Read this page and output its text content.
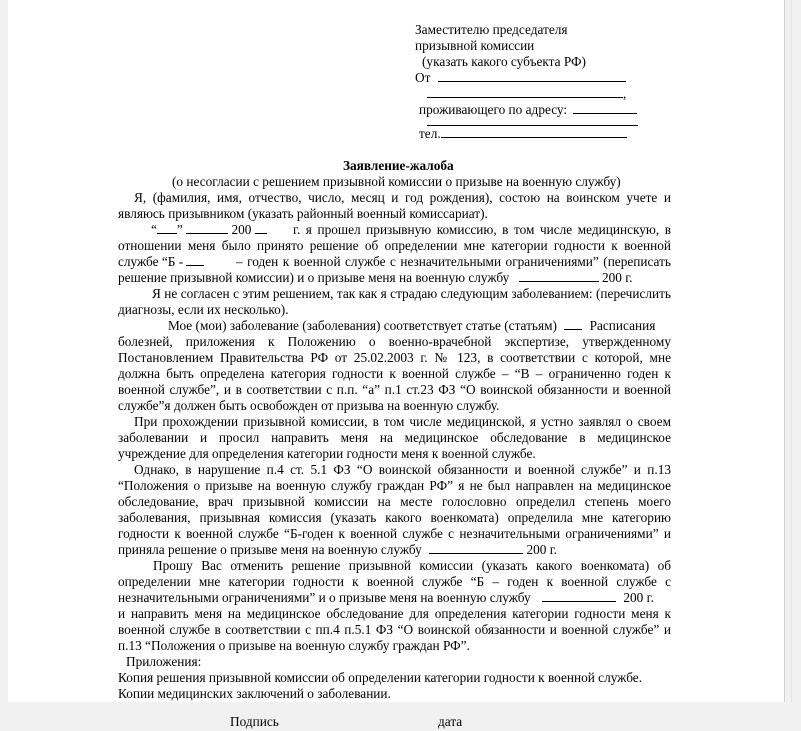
Заместителю председателя
призывной комиссии
(указать какого субъекта РФ)
От
,
проживающего по адресу:
тел.
Заявление-жалоба
(о несогласии с решением призывной комиссии о призыве на военную службу)
Я, (фамилия, имя, отчество, число, месяц и год рождения), состою на воинском учете и
являюсь призывником (указать районный военный комиссариат).
“ ”	200	г. я прошел призывную комиссию, в том числе медицинскую, в
отношении меня было принято решение об определении мне категории годности к военной
службе “Б -	– годен к военной службе с незначительными ограничениями” (переписать
решение призывной комиссии) и о призыве меня на военную службу	200 г.
Я не согласен с этим решением, так как я страдаю следующим заболеванием: (перечислить
диагнозы, если их несколько).
Мое (мои) заболевание (заболевания) соответствует статье (статьям) Расписания
болезней, приложения к Положению о военно-врачебной экспертизе, утвержденному
Постановлением Правительства РФ от 25.02.2003 г. № 123, в соответствии с которой, мне
должна быть определена категория годности к военной службе – “В – ограниченно годен к
военной службе”, и в соответствии с п.п. “а” п.1 ст.23 ФЗ “О воинской обязанности и военной
службе”я должен быть освобожден от призыва на военную службу.
При прохождении призывной комиссии, в том числе медицинской, я устно заявлял о своем
заболевании и просил направить меня на медицинское обследование в медицинское
учреждение для определения категории годности меня к военной службе.
Однако, в нарушение п.4 ст. 5.1 ФЗ “О воинской обязанности и военной службе” и п.13
“Положения о призыве на военную службу граждан РФ” я не был направлен на медицинское
обследование, врач призывной комиссии на месте голословно определил степень моего
заболевания, призывная комиссия (указать какого военкомата) определила мне категорию
годности к военной службе “Б-годен к военной службе с незначительными ограничениями” и
приняла решение о призыве меня на военную службу	200 г.
Прошу Вас отменить решение призывной комиссии (указать какого военкомата) об
определении мне категории годности к военной службе “Б – годен к военной службе с
незначительными ограничениями” и о призыве меня на военную службу	200 г.
и направить меня на медицинское обследование для определения категории годности меня к
военной службе в соответствии с пп.4 п.5.1 ФЗ “О воинской обязанности и военной службе” и
п.13 “Положения о призыве на военную службу граждан РФ”.
Приложения:
Копия решения призывной комиссии об определении категории годности к военной службе.
Копии медицинских заключений о заболевании.
Подпись	дата
